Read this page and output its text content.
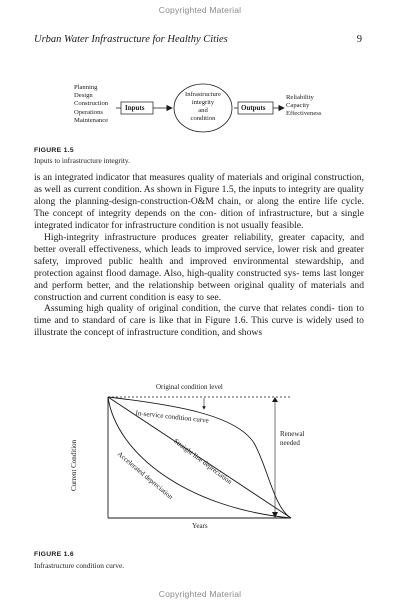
Copyrighted Material
Urban Water Infrastructure for Healthy Cities	9
Planning
Design
Construction
Operations
Maintenance
Inputs
Infrastructure
integrity
and
condition
Outputs
Reliability
Capacity
Effectiveness
FIGURE 1.5
Inputs to infrastructure integrity.

is an integrated indicator that measures quality of materials and original construction, as well as current condition. As shown in Figure 1.5, the inputs to integrity are quality along the planning-design-construction-O&M chain, or along the entire life cycle. The concept of integrity depends on the con- dition of infrastructure, but a single integrated indicator for infrastructure condition is not usually feasible.

High-integrity infrastructure produces greater reliability, greater capacity, and better overall effectiveness, which leads to improved service, lower risk and greater safety, improved public health and improved environmental stewardship, and protection against flood damage. Also, high-quality constructed sys- tems last longer and perform better, and the relationship between original quality of materials and construction and current condition is easy to see.

Assuming high quality of original condition, the curve that relates condi- tion to time and to standard of care is like that in Figure 1.6. This curve is widely used to illustrate the concept of infrastructure condition, and shows

Original condition level
In-service condition curve
Renewal
needed
Straight line depreciation
Accelerated depreciation
Current Condition
Years
FIGURE 1.6
Infrastructure condition curve.
Copyrighted Material
